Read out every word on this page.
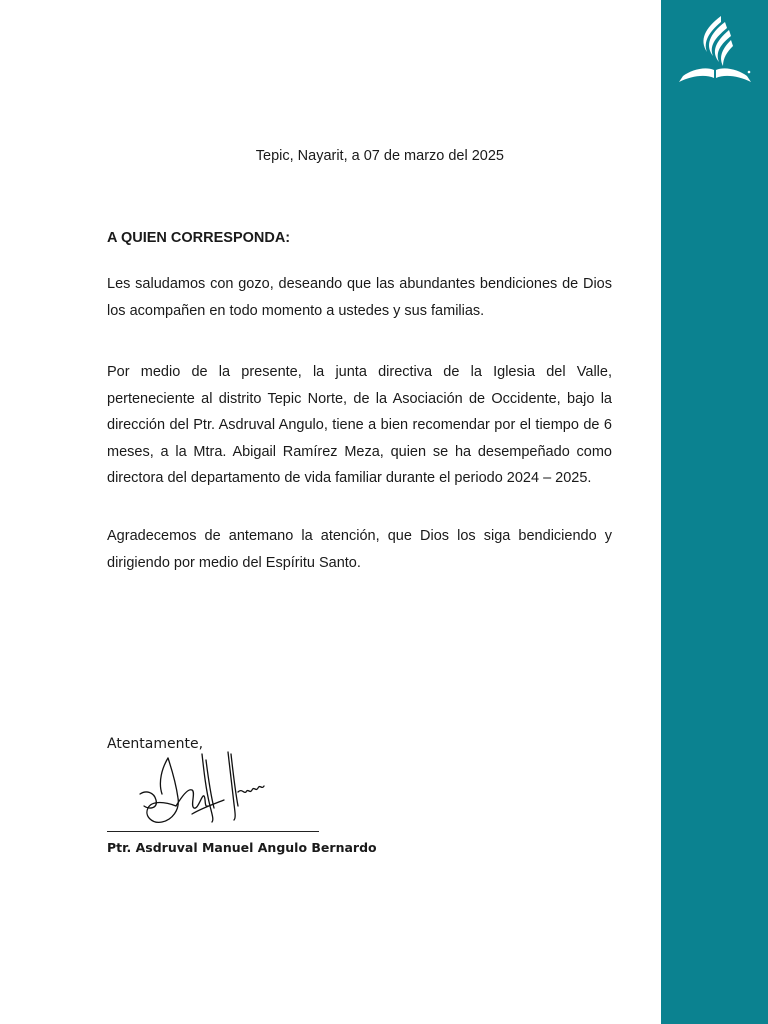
Tepic, Nayarit, a 07 de marzo del 2025
A QUIEN CORRESPONDA:

Les saludamos con gozo, deseando que las abundantes bendiciones de Dios los acompañen en todo momento a ustedes y sus familias.

Por medio de la presente, la junta directiva de la Iglesia del Valle, perteneciente al distrito Tepic Norte, de la Asociación de Occidente, bajo la dirección del Ptr. Asdruval Angulo, tiene a bien recomendar por el tiempo de 6 meses, a la Mtra. Abigail Ramírez Meza, quien se ha desempeñado como directora del departamento de vida familiar durante el periodo 2024 – 2025.

Agradecemos de antemano la atención, que Dios los siga bendiciendo y dirigiendo por medio del Espíritu Santo.

Atentamente,
Ptr. Asdruval Manuel Angulo Bernardo
